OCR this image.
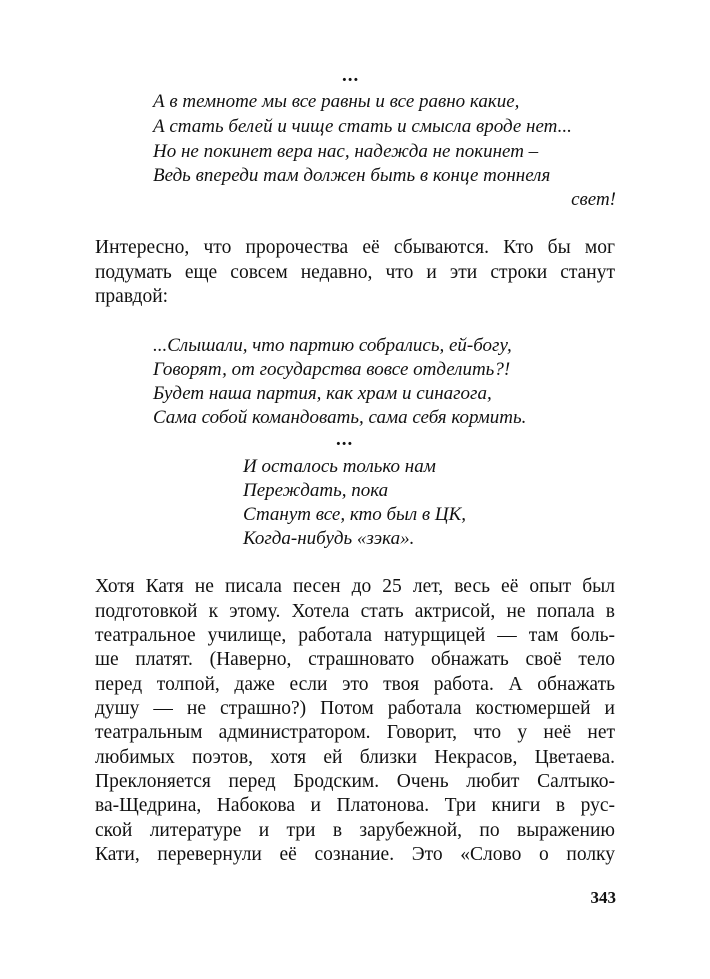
...
А в темноте мы все равны и все равно какие,
А стать белей и чище стать и смысла вроде нет...
Но не покинет вера нас, надежда не покинет –
Ведь впереди там должен быть в конце тоннеля
свет!
Интересно, что пророчества её сбываются. Кто бы мог
подумать еще совсем недавно, что и эти строки станут
правдой:
...Слышали, что партию собрались, ей-богу,
Говорят, от государства вовсе отделить?!
Будет наша партия, как храм и синагога,
Сама собой командовать, сама себя кормить.
...
И осталось только нам
Переждать, пока
Станут все, кто был в ЦК,
Когда-нибудь «зэка».
Хотя Катя не писала песен до 25 лет, весь её опыт был
подготовкой к этому. Хотела стать актрисой, не попала в
театральное училище, работала натурщицей — там боль-
ше платят. (Наверно, страшновато обнажать своё тело
перед толпой, даже если это твоя работа. А обнажать
душу — не страшно?) Потом работала костюмершей и
театральным администратором. Говорит, что у неё нет
любимых поэтов, хотя ей близки Некрасов, Цветаева.
Преклоняется перед Бродским. Очень любит Салтыко-
ва-Щедрина, Набокова и Платонова. Три книги в рус-
ской литературе и три в зарубежной, по выражению
Кати, перевернули её сознание. Это «Слово о полку
343
